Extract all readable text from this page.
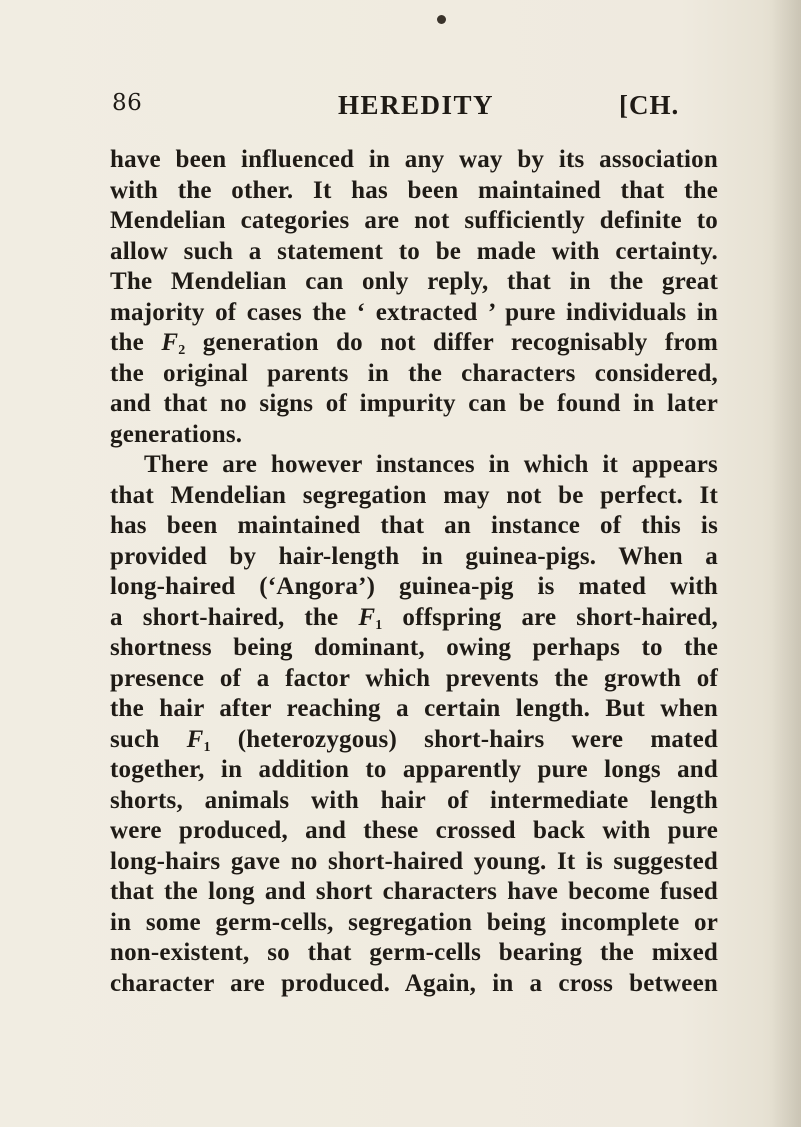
86	HEREDITY	[CH.
have been influenced in any way by its association
with the other. It has been maintained that the
Mendelian categories are not sufficiently definite to
allow such a statement to be made with certainty.
The Mendelian can only reply, that in the great
majority of cases the ‘ extracted ’ pure individuals in
the $F_2$ generation do not differ recognisably from
the original parents in the characters considered,
and that no signs of impurity can be found in later
generations.
There are however instances in which it appears
that Mendelian segregation may not be perfect. It
has been maintained that an instance of this is
provided by hair-length in guinea-pigs. When a
long-haired (‘Angora’) guinea-pig is mated with
a short-haired, the $F_1$ offspring are short-haired,
shortness being dominant, owing perhaps to the
presence of a factor which prevents the growth of
the hair after reaching a certain length. But when
such $F_1$ (heterozygous) short-hairs were mated
together, in addition to apparently pure longs and
shorts, animals with hair of intermediate length
were produced, and these crossed back with pure
long-hairs gave no short-haired young. It is suggested
that the long and short characters have become fused
in some germ-cells, segregation being incomplete or
non-existent, so that germ-cells bearing the mixed
character are produced. Again, in a cross between
